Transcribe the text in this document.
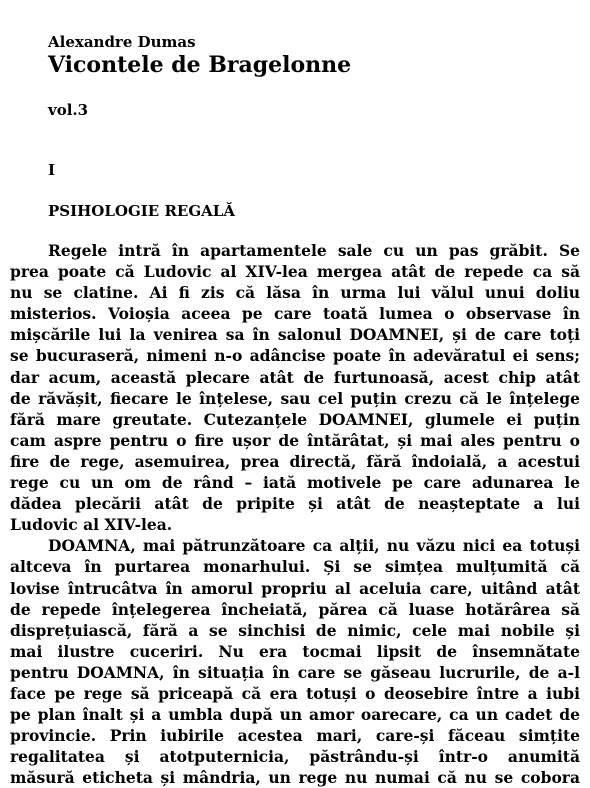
Alexandre Dumas
Vicontele de Bragelonne
vol.3
I
PSIHOLOGIE REGALĂ
Regele intră în apartamentele sale cu un pas grăbit. Se
prea poate că Ludovic al XIV-lea mergea atât de repede ca să
nu se clatine. Ai fi zis că lăsa în urma lui vălul unui doliu
misterios. Voioșia aceea pe care toată lumea o observase în
mișcările lui la venirea sa în salonul DOAMNEI, și de care toți
se bucuraseră, nimeni n-o adâncise poate în adevăratul ei sens;
dar acum, această plecare atât de furtunoasă, acest chip atât
de răvășit, fiecare le înțelese, sau cel puțin crezu că le înțelege
fără mare greutate. Cutezanțele DOAMNEI, glumele ei puțin
cam aspre pentru o fire ușor de întărâtat, și mai ales pentru o
fire de rege, asemuirea, prea directă, fără îndoială, a acestui
rege cu un om de rând – iată motivele pe care adunarea le
dădea plecării atât de pripite și atât de neașteptate a lui
Ludovic al XIV-lea.
DOAMNA, mai pătrunzătoare ca alții, nu văzu nici ea totuși
altceva în purtarea monarhului. Și se simțea mulțumită că
lovise întrucâtva în amorul propriu al aceluia care, uitând atât
de repede înțelegerea încheiată, părea că luase hotărârea să
disprețuiască, fără a se sinchisi de nimic, cele mai nobile și
mai ilustre cuceriri. Nu era tocmai lipsit de însemnătate
pentru DOAMNA, în situația în care se găseau lucrurile, de a-l
face pe rege să priceapă că era totuși o deosebire între a iubi
pe plan înalt și a umbla după un amor oarecare, ca un cadet de
provincie. Prin iubirile acestea mari, care-și făceau simțite
regalitatea și atotputernicia, păstrându-și într-o anumită
măsură eticheta și mândria, un rege nu numai că nu se cobora
